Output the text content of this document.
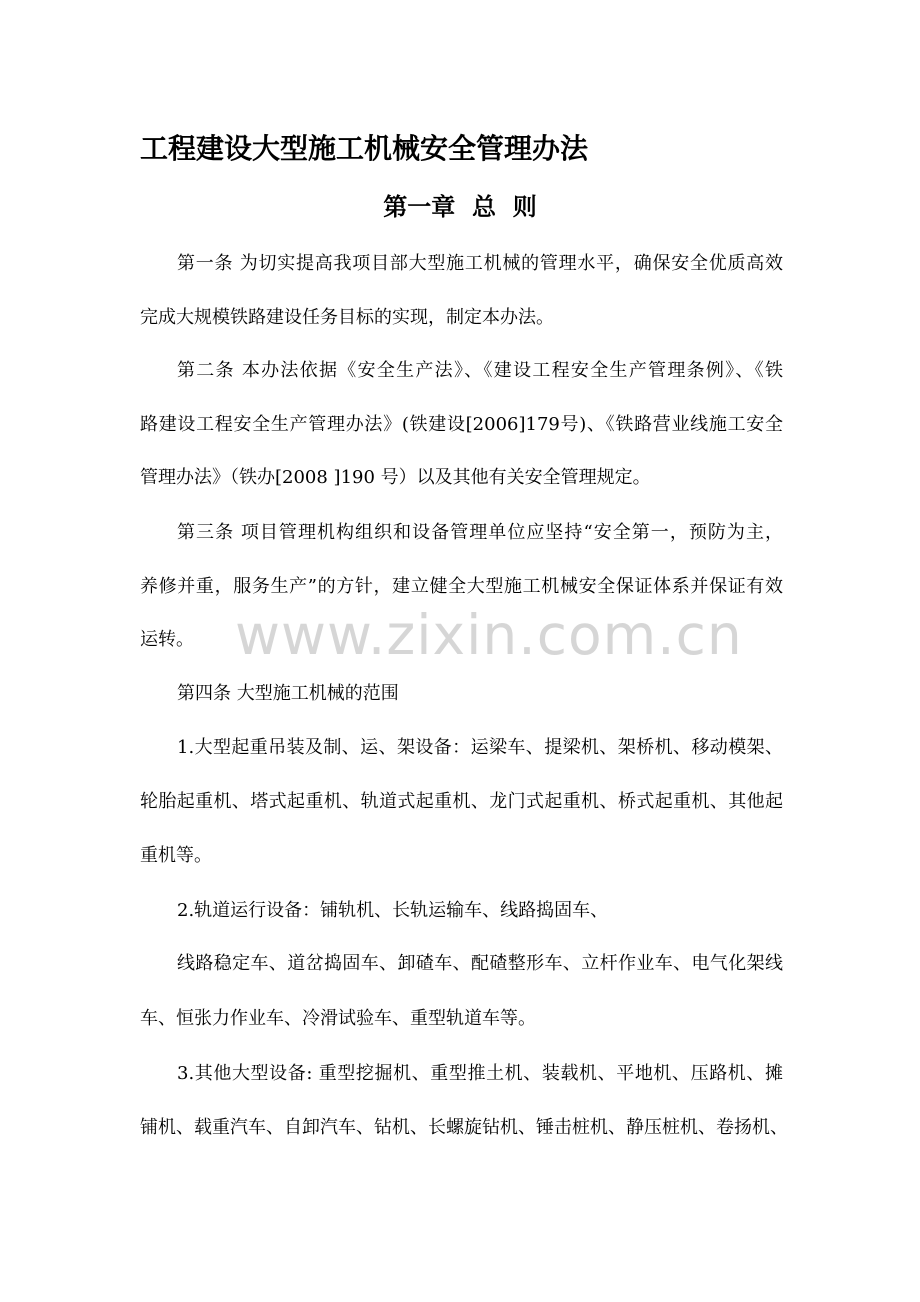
工程建设大型施工机械安全管理办法
第一章  总  则

第一条 为切实提高我项目部大型施工机械的管理水平，确保安全优质高效

完成大规模铁路建设任务目标的实现，制定本办法。

第二条 本办法依据《安全生产法》、《建设工程安全生产管理条例》、《铁

路建设工程安全生产管理办法》(铁建设[2006]179号)、《铁路营业线施工安全

管理办法》（铁办[2008 ]190 号）以及其他有关安全管理规定。

第三条 项目管理机构组织和设备管理单位应坚持“安全第一，预防为主，

养修并重，服务生产”的方针，建立健全大型施工机械安全保证体系并保证有效

运转。

第四条 大型施工机械的范围

1.大型起重吊装及制、运、架设备：运梁车、提梁机、架桥机、移动模架、

轮胎起重机、塔式起重机、轨道式起重机、龙门式起重机、桥式起重机、其他起

重机等。

2.轨道运行设备：铺轨机、长轨运输车、线路捣固车、

线路稳定车、道岔捣固车、卸碴车、配碴整形车、立杆作业车、电气化架线

车、恒张力作业车、冷滑试验车、重型轨道车等。

3.其他大型设备: 重型挖掘机、重型推土机、装载机、平地机、压路机、摊

铺机、载重汽车、自卸汽车、钻机、长螺旋钻机、锤击桩机、静压桩机、卷扬机、

www.zixin.com.cn
